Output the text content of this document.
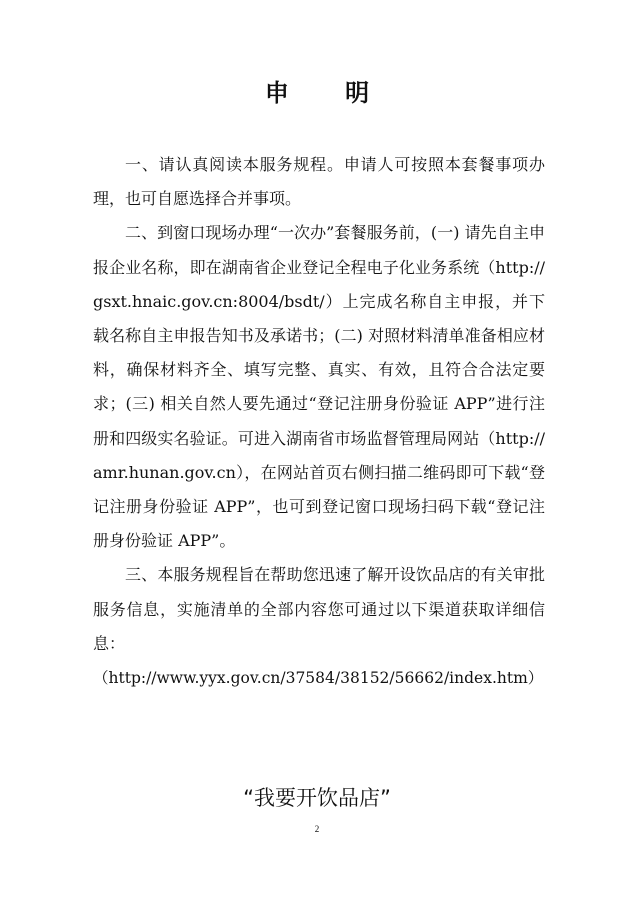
申 明

一、请认真阅读本服务规程。申请人可按照本套餐事项办理，也可自愿选择合并事项。

二、到窗口现场办理“一次办”套餐服务前，(一) 请先自主申报企业名称，即在湖南省企业登记全程电子化业务系统（http://gsxt.hnaic.gov.cn:8004/bsdt/）上完成名称自主申报，并下载名称自主申报告知书及承诺书；(二) 对照材料清单准备相应材料，确保材料齐全、填写完整、真实、有效，且符合合法定要求；(三) 相关自然人要先通过“登记注册身份验证 APP”进行注册和四级实名验证。可进入湖南省市场监督管理局网站（http://amr.hunan.gov.cn），在网站首页右侧扫描二维码即可下载“登记注册身份验证 APP”，也可到登记窗口现场扫码下载“登记注册身份验证 APP”。

三、本服务规程旨在帮助您迅速了解开设饮品店的有关审批服务信息，实施清单的全部内容您可通过以下渠道获取详细信息：

（http://www.yyx.gov.cn/37584/38152/56662/index.htm）

“我要开饮品店”
2
